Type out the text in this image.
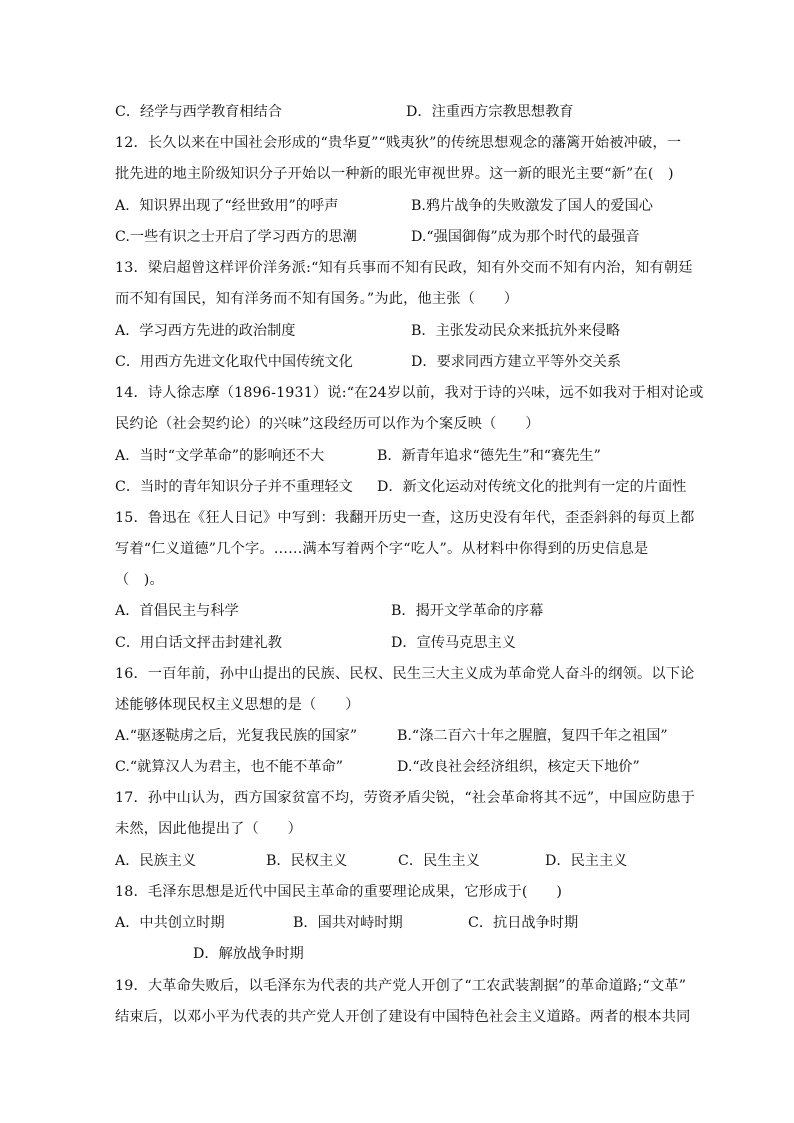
C．经学与西学教育相结合	D．注重西方宗教思想教育
12．长久以来在中国社会形成的“贵华夏”“贱夷狄”的传统思想观念的藩篱开始被冲破，一
批先进的地主阶级知识分子开始以一种新的眼光审视世界。这一新的眼光主要“新”在(　)
A．知识界出现了“经世致用”的呼声	B.鸦片战争的失败激发了国人的爱国心
C.一些有识之士开启了学习西方的思潮	D.“强国御侮”成为那个时代的最强音
13．梁启超曾这样评价洋务派:“知有兵事而不知有民政，知有外交而不知有内治，知有朝廷
而不知有国民，知有洋务而不知有国务。”为此，他主张（　　）
A．学习西方先进的政治制度	B．主张发动民众来抵抗外来侵略
C．用西方先进文化取代中国传统文化	D．要求同西方建立平等外交关系
14．诗人徐志摩（1896-1931）说:“在24岁以前，我对于诗的兴味，远不如我对于相对论或
民约论（社会契约论）的兴味”这段经历可以作为个案反映（　　）
A．当时“文学革命”的影响还不大	B．新青年追求“德先生”和“赛先生”
C．当时的青年知识分子并不重理轻文 D．新文化运动对传统文化的批判有一定的片面性
15．鲁迅在《狂人日记》中写到：我翻开历史一查，这历史没有年代，歪歪斜斜的每页上都
写着“仁义道德”几个字。……满本写着两个字“吃人”。从材料中你得到的历史信息是
（　)。
A．首倡民主与科学	B．揭开文学革命的序幕
C．用白话文抨击封建礼教	D．宣传马克思主义
16．一百年前，孙中山提出的民族、民权、民生三大主义成为革命党人奋斗的纲领。以下论
述能够体现民权主义思想的是（　　）
A.“驱逐鞑虏之后，光复我民族的国家”	B.“涤二百六十年之腥膻，复四千年之祖国”
C.“就算汉人为君主，也不能不革命”	D.“改良社会经济组织，核定天下地价”
17．孙中山认为，西方国家贫富不均，劳资矛盾尖锐，“社会革命将其不远”，中国应防患于
未然，因此他提出了（　　）
A．民族主义	B．民权主义	C．民生主义	D．民主主义
18．毛泽东思想是近代中国民主革命的重要理论成果，它形成于(　　)
A．中共创立时期	B．国共对峙时期	C．抗日战争时期
D．解放战争时期
19．大革命失败后，以毛泽东为代表的共产党人开创了“工农武装割据”的革命道路;“文革”
结束后，以邓小平为代表的共产党人开创了建设有中国特色社会主义道路。两者的根本共同
